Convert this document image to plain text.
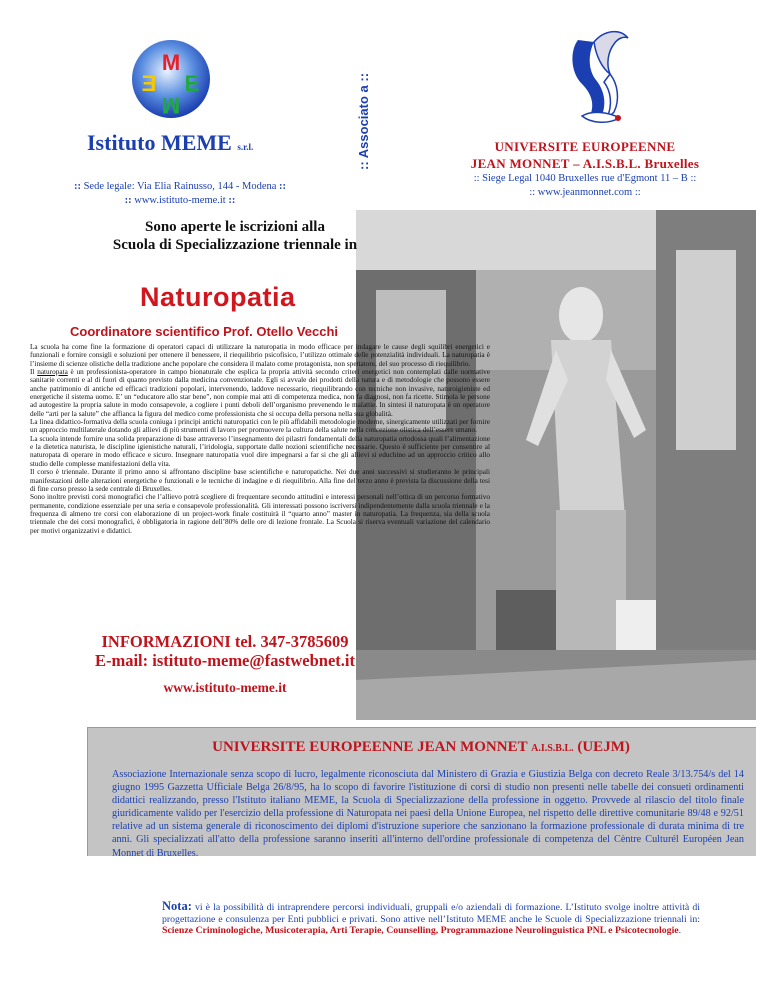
M
E E
M
Istituto MEME s.r.l.
:: Sede legale: Via Elia Rainusso, 144 - Modena ::
:: www.istituto-meme.it ::
:: Associato a ::	UNIVERSITE EUROPEENNE
JEAN MONNET – A.I.S.B.L. Bruxelles
:: Siege Legal 1040 Bruxelles rue d'Egmont 11 – B ::
:: www.jeanmonnet.com ::
Sono aperte le iscrizioni alla
Scuola di Specializzazione triennale in
Naturopatia
Coordinatore scientifico Prof. Otello Vecchi

La scuola ha come fine la formazione di operatori capaci di utilizzare la naturopatia in modo efficace per indagare le cause degli squilibri energetici e funzionali e fornire consigli e soluzioni per ottenere il benessere, il riequilibrio psicofisico, l’utilizzo ottimale delle potenzialità individuali. La naturopatia è l’insieme di scienze olistiche della tradizione anche popolare che considera il malato come protagonista, non spettatore, del suo processo di riequilibrio.

Il naturopata è un professionista-operatore in campo bionaturale che esplica la propria attività secondo criteri energetici non contemplati dalle normative sanitarie correnti e al di fuori di quanto previsto dalla medicina convenzionale. Egli si avvale dei prodotti della natura e di metodologie che possono essere anche patrimonio di antiche ed efficaci tradizioni popolari, intervenendo, laddove necessario, riequilibrando con tecniche non invasive, naturoigieniste ed energetiche il sistema uomo. E’ un “educatore allo star bene”, non compie mai atti di competenza medica, non fa diagnosi, non fa ricette. Stimola le persone ad autogestire la propria salute in modo consapevole, a cogliere i punti deboli dell’organismo prevenendo le malattie. In sintesi il naturopata è un operatore delle “arti per la salute” che affianca la figura del medico come professionista che si occupa della persona nella sua globalità.

La linea didattico-formativa della scuola coniuga i principi antichi naturopatici con le più affidabili metodologie moderne, sinergicamente utilizzati per fornire un approccio multilaterale dotando gli allievi di più strumenti di lavoro per promuovere la cultura della salute nella concezione olistica dell’essere umano.

La scuola intende fornire una solida preparazione di base attraverso l’insegnamento dei pilastri fondamentali della naturopatia ortodossa quali l’alimentazione e la dietetica naturista, le discipline igienistiche naturali, l’iridologia, supportate dalle nozioni scientifiche necessarie. Questo è sufficiente per consentire al naturopata di operare in modo efficace e sicuro. Insegnare naturopatia vuol dire impegnarsi a far si che gli allievi si educhino ad un approccio critico allo studio delle complesse manifestazioni della vita.

Il corso è triennale. Durante il primo anno si affrontano discipline base scientifiche e naturopatiche. Nei due anni successivi si studieranno le principali manifestazioni delle alterazioni energetiche e funzionali e le tecniche di indagine e di riequilibrio. Alla fine del terzo anno è prevista la discussione della tesi di fine corso presso la sede centrale di Bruxelles.

Sono inoltre previsti corsi monografici che l’allievo potrà scegliere di frequentare secondo attitudini e interessi personali nell’ottica di un percorso formativo permanente, condizione essenziale per una seria e consapevole professionalità. Gli interessati possono iscriversi indipendentemente dalla scuola triennale e la frequenza di almeno tre corsi con elaborazione di un project-work finale costituirà il “quarto anno” master in naturopatia. La frequenza, sia della scuola triennale che dei corsi monografici, è obbligatoria in ragione dell’80% delle ore di lezione frontale. La Scuola si riserva eventuali variazione del calendario per motivi organizzativi e didattici.

INFORMAZIONI tel. 347-3785609
E-mail: istituto-meme@fastwebnet.it
www.istituto-meme.it
UNIVERSITE EUROPEENNE JEAN MONNET A.I.S.B.L. (UEJM)
Associazione Internazionale senza scopo di lucro, legalmente riconosciuta dal Ministero di Grazia e Giustizia Belga con decreto Reale 3/13.754/s del 14 giugno 1995 Gazzetta Ufficiale Belga 26/8/95, ha lo scopo di favorire l'istituzione di corsi di studio non presenti nelle tabelle dei consueti ordinamenti didattici realizzando, presso l'Istituto italiano MEME, la Scuola di Specializzazione della professione in oggetto. Provvede al rilascio del titolo finale giuridicamente valido per l'esercizio della professione di Naturopata nei paesi della Unione Europea, nel rispetto delle direttive comunitarie 89/48 e 92/51 relative ad un sistema generale di riconoscimento dei diplomi d'istruzione superiore che sanzionano la formazione professionale di durata minima di tre anni. Gli specializzati all'atto della professione saranno inseriti all'interno dell'ordine professionale di competenza del Cèntre Culturél Européen Jean Monnet di Bruxelles.
Nota: vi è la possibilità di intraprendere percorsi individuali, gruppali e/o aziendali di formazione. L’Istituto svolge inoltre attività di progettazione e consulenza per Enti pubblici e privati. Sono attive nell’Istituto MEME anche le Scuole di Specializzazione triennali in: Scienze Criminologiche, Musicoterapia, Arti Terapie, Counselling, Programmazione Neurolinguistica PNL e Psicotecnologie.
